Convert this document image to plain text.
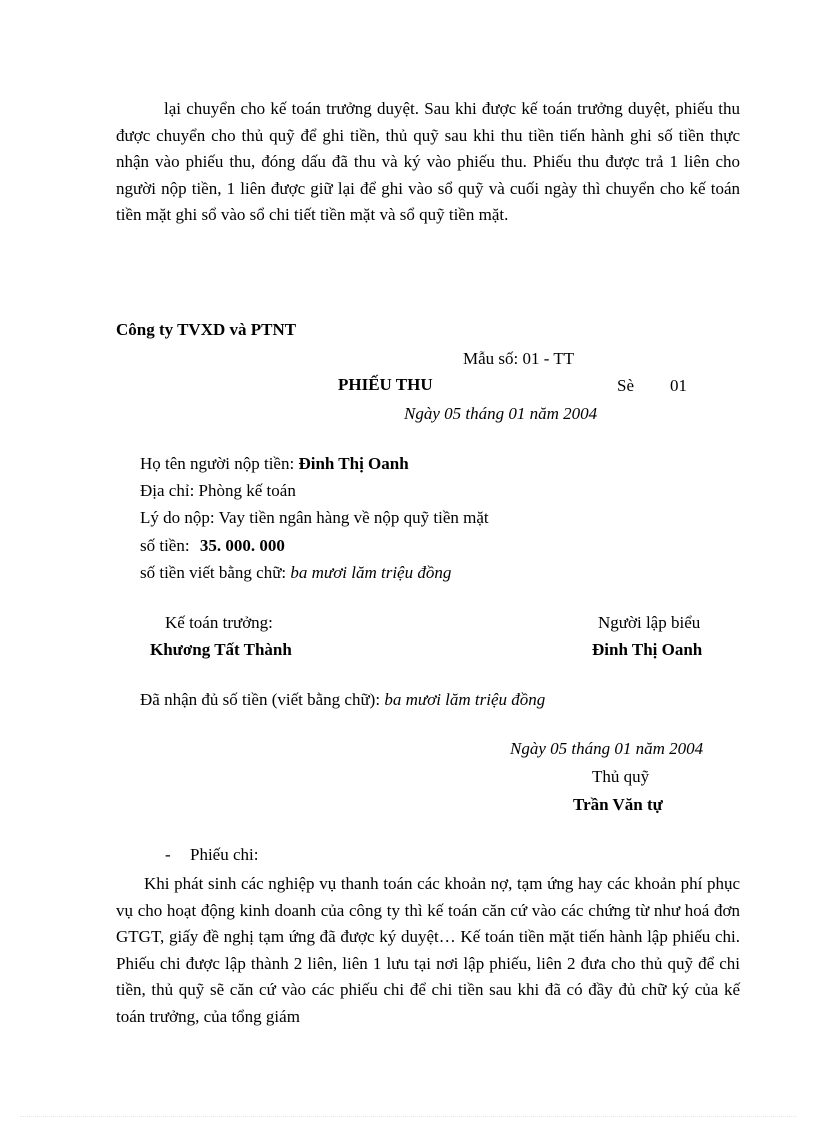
lại chuyển cho kế toán trưởng duyệt. Sau khi được kế toán trưởng duyệt, phiếu thu được chuyển cho thủ quỹ để ghi tiền, thủ quỹ sau khi thu tiền tiến hành ghi số tiền thực nhận vào phiếu thu, đóng dấu đã thu và ký vào phiếu thu. Phiếu thu được trả 1 liên cho người nộp tiền, 1 liên được giữ lại để ghi vào sổ quỹ và cuối ngày thì chuyển cho kế toán tiền mặt ghi sổ vào sổ chi tiết tiền mặt và sổ quỹ tiền mặt.

Công ty TVXD và PTNT
Mẫu số: 01 - TT
PHIẾU THU	Sè 01
Ngày 05 tháng 01 năm 2004
Họ tên người nộp tiền: Đinh Thị Oanh
Địa chỉ: Phòng kế toán
Lý do nộp: Vay tiền ngân hàng về nộp quỹ tiền mặt
số tiền: 35. 000. 000
số tiền viết bằng chữ: ba mươi lăm triệu đồng
Kế toán trưởng:
Khương Tất Thành
Người lập biểu
Đinh Thị Oanh
Đã nhận đủ số tiền (viết bằng chữ): ba mươi lăm triệu đồng
Ngày 05 tháng 01 năm 2004
Thủ quỹ
Trần Văn tự
- Phiếu chi:

Khi phát sinh các nghiệp vụ thanh toán các khoản nợ, tạm ứng hay các khoản phí phục vụ cho hoạt động kinh doanh của công ty thì kế toán căn cứ vào các chứng từ như hoá đơn GTGT, giấy đề nghị tạm ứng đã được ký duyệt… Kế toán tiền mặt tiến hành lập phiếu chi. Phiếu chi được lập thành 2 liên, liên 1 lưu tại nơi lập phiếu, liên 2 đưa cho thủ quỹ để chi tiền, thủ quỹ sẽ căn cứ vào các phiếu chi để chi tiền sau khi đã có đầy đủ chữ ký của kế toán trưởng, của tổng giám
